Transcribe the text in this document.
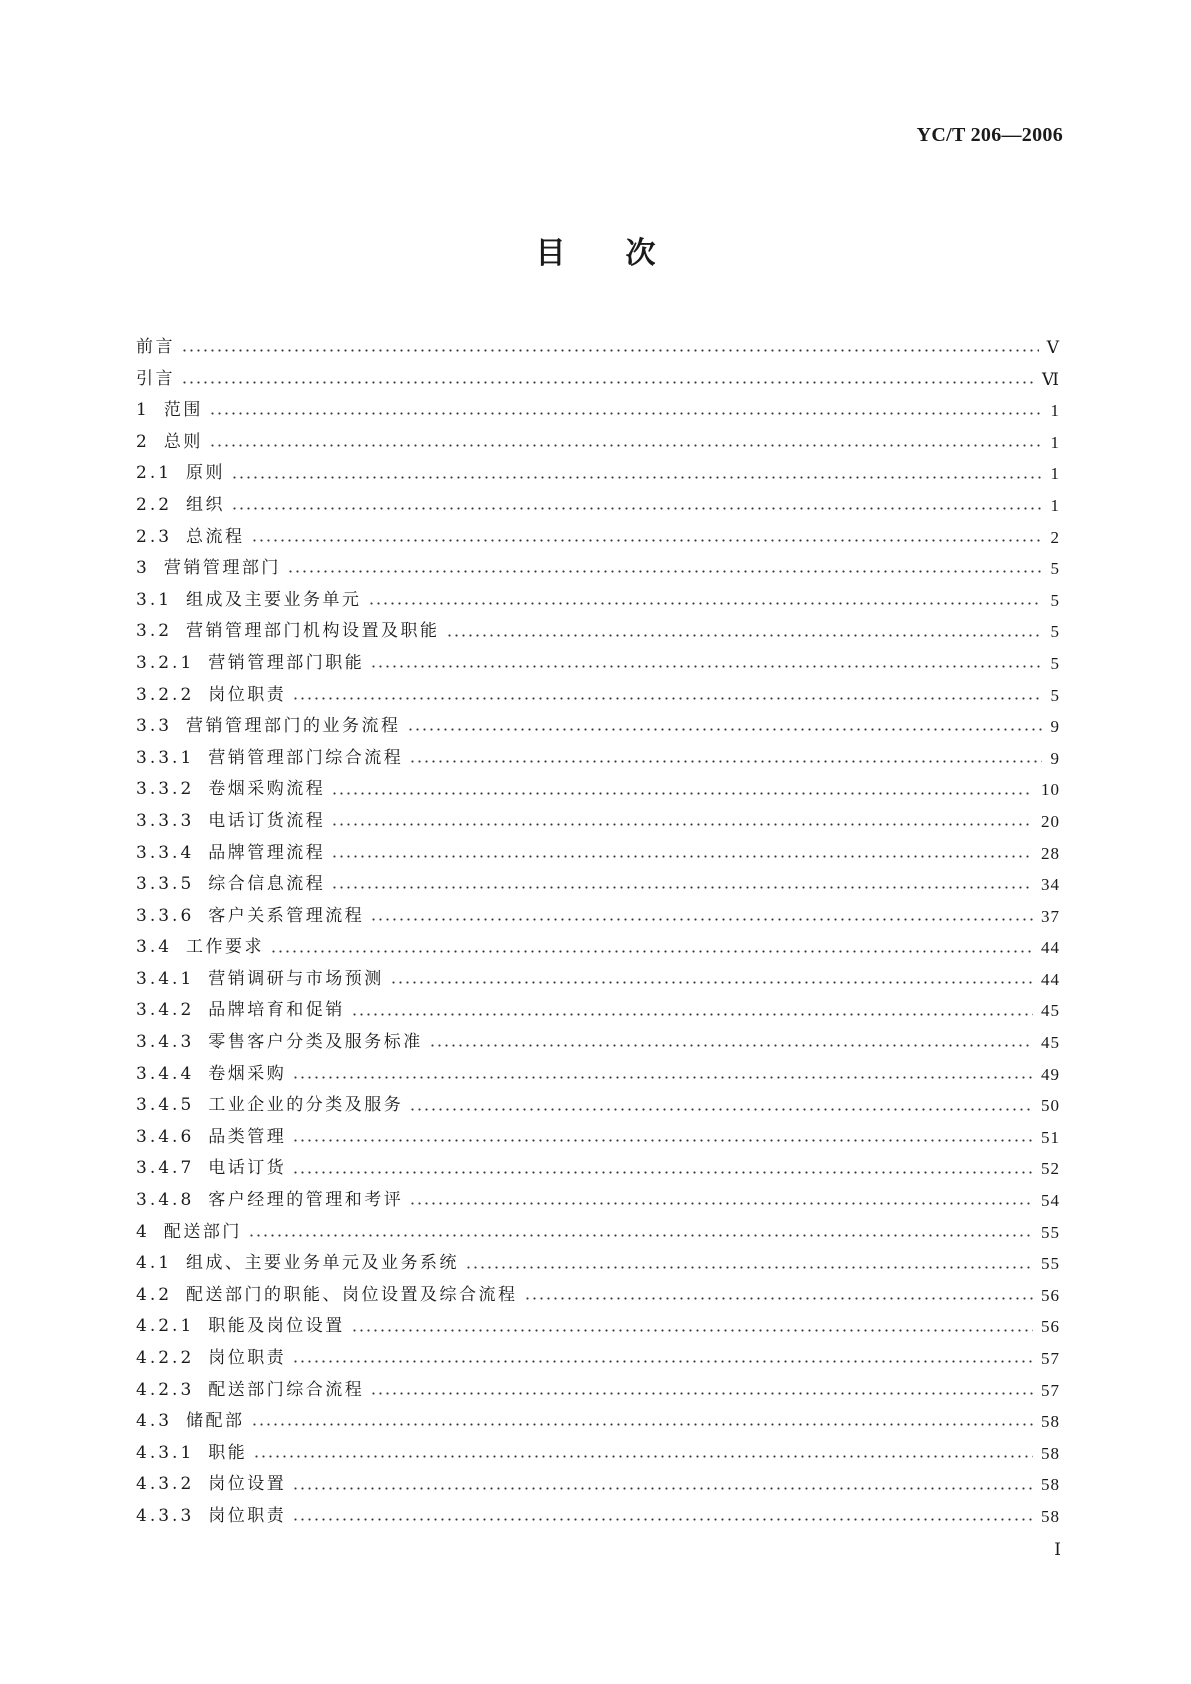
YC/T 206—2006
目次
前言	Ⅴ
引言	Ⅵ
1 范围	1
2 总则	1
2.1 原则	1
2.2 组织	1
2.3 总流程	2
3 营销管理部门	5
3.1 组成及主要业务单元	5
3.2 营销管理部门机构设置及职能	5
3.2.1 营销管理部门职能	5
3.2.2 岗位职责	5
3.3 营销管理部门的业务流程	9
3.3.1 营销管理部门综合流程	9
3.3.2 卷烟采购流程	10
3.3.3 电话订货流程	20
3.3.4 品牌管理流程	28
3.3.5 综合信息流程	34
3.3.6 客户关系管理流程	37
3.4 工作要求	44
3.4.1 营销调研与市场预测	44
3.4.2 品牌培育和促销	45
3.4.3 零售客户分类及服务标准	45
3.4.4 卷烟采购	49
3.4.5 工业企业的分类及服务	50
3.4.6 品类管理	51
3.4.7 电话订货	52
3.4.8 客户经理的管理和考评	54
4 配送部门	55
4.1 组成、主要业务单元及业务系统	55
4.2 配送部门的职能、岗位设置及综合流程	56
4.2.1 职能及岗位设置	56
4.2.2 岗位职责	57
4.2.3 配送部门综合流程	57
4.3 储配部	58
4.3.1 职能	58
4.3.2 岗位设置	58
4.3.3 岗位职责	58
Ⅰ
